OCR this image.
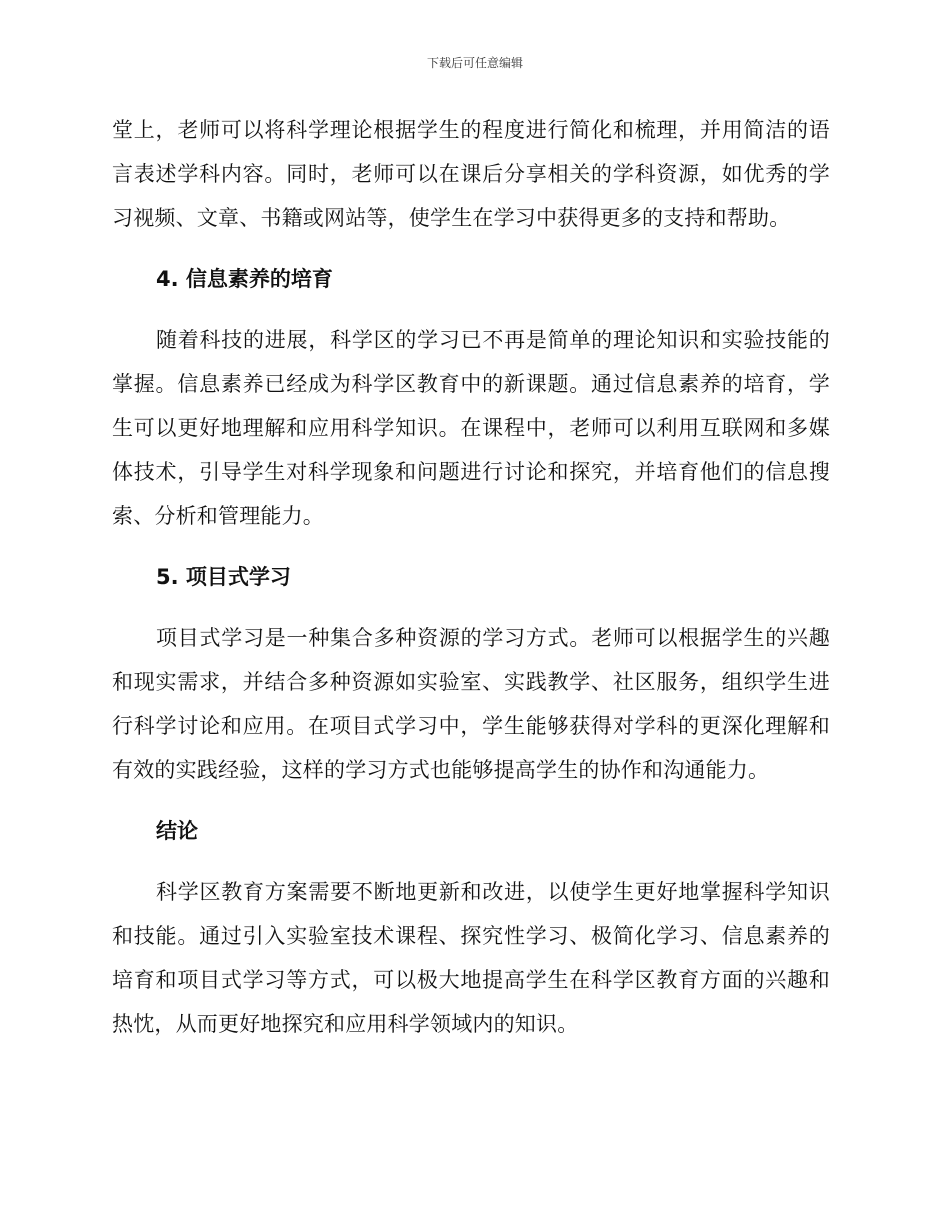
下载后可任意编辑

堂上，老师可以将科学理论根据学生的程度进行简化和梳理，并用简洁的语言表述学科内容。同时，老师可以在课后分享相关的学科资源，如优秀的学习视频、文章、书籍或网站等，使学生在学习中获得更多的支持和帮助。

4. 信息素养的培育

随着科技的进展，科学区的学习已不再是简单的理论知识和实验技能的掌握。信息素养已经成为科学区教育中的新课题。通过信息素养的培育，学生可以更好地理解和应用科学知识。在课程中，老师可以利用互联网和多媒体技术，引导学生对科学现象和问题进行讨论和探究，并培育他们的信息搜索、分析和管理能力。

5. 项目式学习

项目式学习是一种集合多种资源的学习方式。老师可以根据学生的兴趣和现实需求，并结合多种资源如实验室、实践教学、社区服务，组织学生进行科学讨论和应用。在项目式学习中，学生能够获得对学科的更深化理解和有效的实践经验，这样的学习方式也能够提高学生的协作和沟通能力。

结论

科学区教育方案需要不断地更新和改进，以使学生更好地掌握科学知识和技能。通过引入实验室技术课程、探究性学习、极简化学习、信息素养的培育和项目式学习等方式，可以极大地提高学生在科学区教育方面的兴趣和热忱，从而更好地探究和应用科学领域内的知识。
